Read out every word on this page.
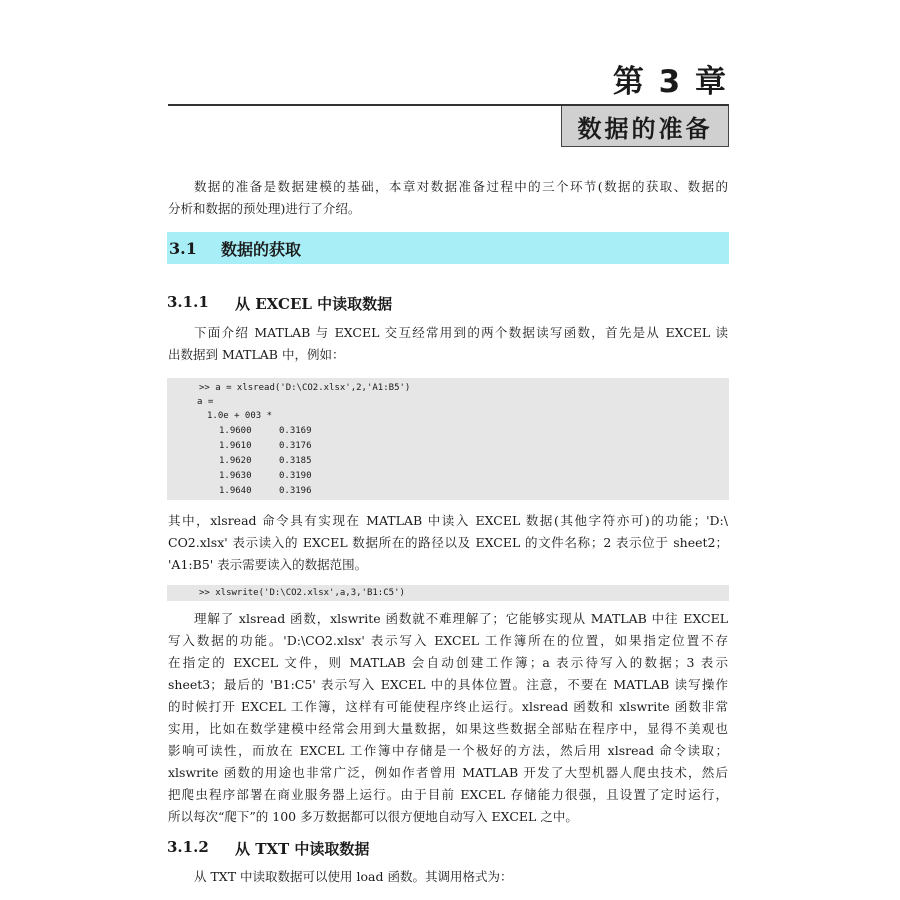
第 3 章
数据的准备

数据的准备是数据建模的基础，本章对数据准备过程中的三个环节(数据的获取、数据的

分析和数据的预处理)进行了介绍。

3.1	数据的获取
3.1.1	从 EXCEL 中读取数据

下面介绍 MATLAB 与 EXCEL 交互经常用到的两个数据读写函数，首先是从 EXCEL 读

出数据到 MATLAB 中，例如：

>> a = xlsread('D:\CO2.xlsx',2,'A1:B5')
a =
1.0e + 003 *
1.9600	0.3169
1.9610	0.3176
1.9620	0.3185
1.9630	0.3190
1.9640	0.3196

其中，xlsread 命令具有实现在 MATLAB 中读入 EXCEL 数据(其他字符亦可)的功能；'D:\

CO2.xlsx' 表示读入的 EXCEL 数据所在的路径以及 EXCEL 的文件名称；2 表示位于 sheet2；

'A1:B5' 表示需要读入的数据范围。

>> xlswrite('D:\CO2.xlsx',a,3,'B1:C5')

理解了 xlsread 函数，xlswrite 函数就不难理解了；它能够实现从 MATLAB 中往 EXCEL

写入数据的功能。'D:\CO2.xlsx' 表示写入 EXCEL 工作簿所在的位置，如果指定位置不存

在指定的 EXCEL 文件，则 MATLAB 会自动创建工作簿；a 表示待写入的数据；3 表示

sheet3；最后的 'B1:C5' 表示写入 EXCEL 中的具体位置。注意，不要在 MATLAB 读写操作

的时候打开 EXCEL 工作簿，这样有可能使程序终止运行。xlsread 函数和 xlswrite 函数非常

实用，比如在数学建模中经常会用到大量数据，如果这些数据全部贴在程序中，显得不美观也

影响可读性，而放在 EXCEL 工作簿中存储是一个极好的方法，然后用 xlsread 命令读取；

xlswrite 函数的用途也非常广泛，例如作者曾用 MATLAB 开发了大型机器人爬虫技术，然后

把爬虫程序部署在商业服务器上运行。由于目前 EXCEL 存储能力很强，且设置了定时运行，

所以每次“爬下”的 100 多万数据都可以很方便地自动写入 EXCEL 之中。

3.1.2	从 TXT 中读取数据

从 TXT 中读取数据可以使用 load 函数。其调用格式为：
